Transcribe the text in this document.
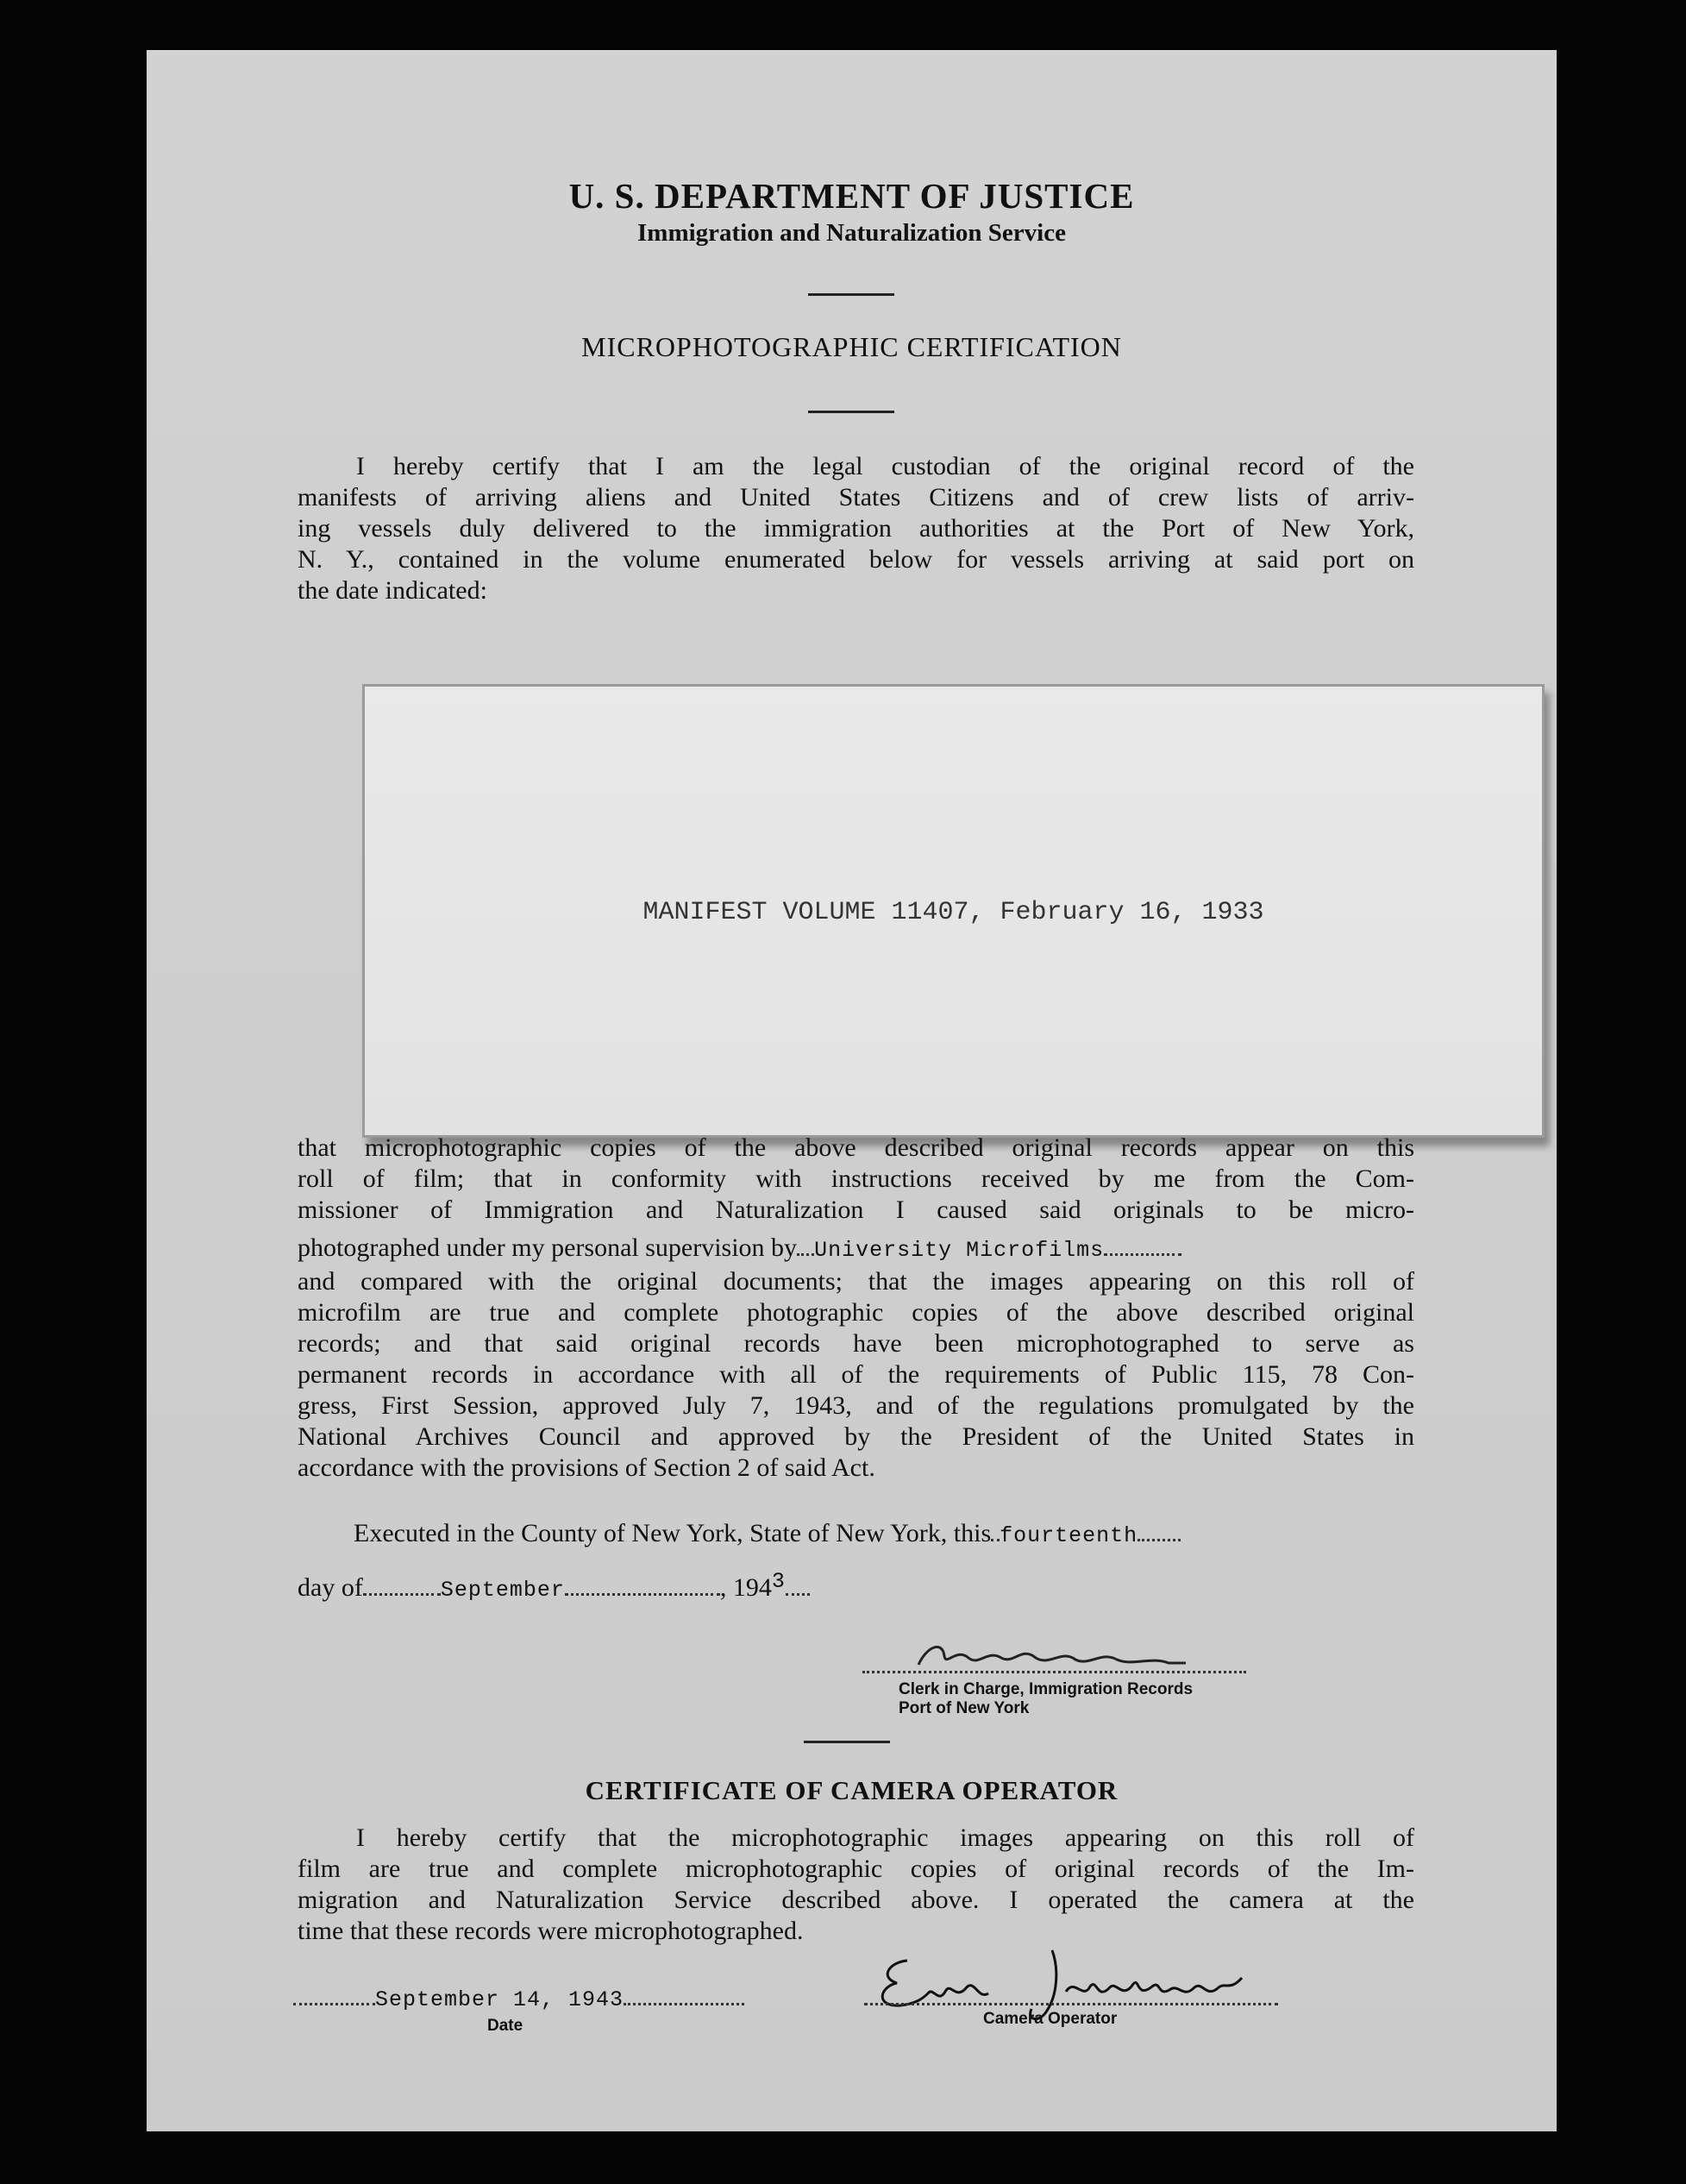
U. S. DEPARTMENT OF JUSTICE
Immigration and Naturalization Service
MICROPHOTOGRAPHIC CERTIFICATION
I hereby certify that I am the legal custodian of the original record of the
manifests of arriving aliens and United States Citizens and of crew lists of arriv-
ing vessels duly delivered to the immigration authorities at the Port of New York,
N. Y., contained in the volume enumerated below for vessels arriving at said port on
the date indicated:
MANIFEST VOLUME 11407, February 16, 1933
that microphotographic copies of the above described original records appear on this
roll of film; that in conformity with instructions received by me from the Com-
missioner of Immigration and Naturalization I caused said originals to be micro-
photographed under my personal supervision by University Microfilms
and compared with the original documents; that the images appearing on this roll of
microfilm are true and complete photographic copies of the above described original
records; and that said original records have been microphotographed to serve as
permanent records in accordance with all of the requirements of Public 115, 78 Con-
gress, First Session, approved July 7, 1943, and of the regulations promulgated by the
National Archives Council and approved by the President of the United States in
accordance with the provisions of Section 2 of said Act.
Executed in the County of New York, State of New York, this fourteenth
day of	September	, $194^3$
Clerk in Charge, Immigration Records
Port of New York
CERTIFICATE OF CAMERA OPERATOR
I hereby certify that the microphotographic images appearing on this roll of
film are true and complete microphotographic copies of original records of the Im-
migration and Naturalization Service described above. I operated the camera at the
time that these records were microphotographed.
September 14, 1943
Date	Camera Operator
